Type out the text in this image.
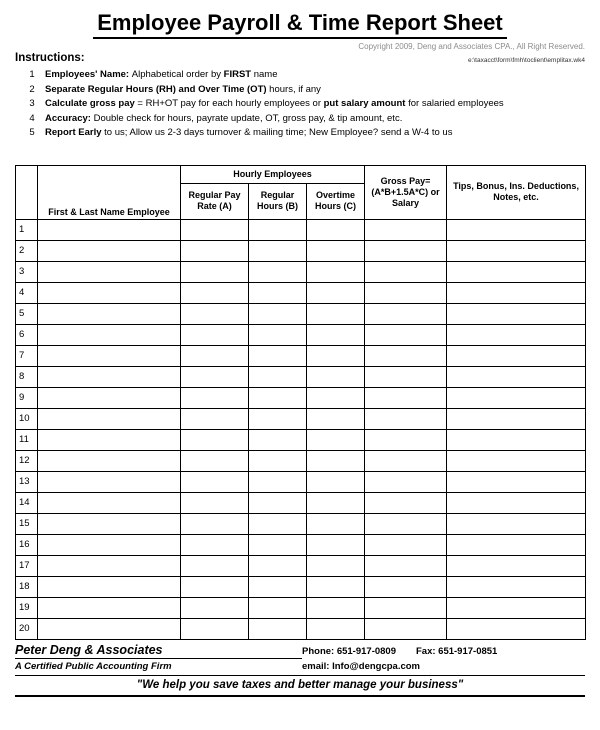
Employee Payroll & Time Report Sheet
Copyright 2009, Deng and Associates CPA., All Right Reserved.
Instructions:	e:\taxacct\form\fmh\toclient\emplitax.wk4
1	Employees' Name: Alphabetical order by FIRST name
2	Separate Regular Hours (RH) and Over Time (OT) hours, if any
3	Calculate gross pay = RH+OT pay for each hourly employees or put salary amount for salaried employees
4	Accuracy: Double check for hours, payrate update, OT, gross pay, & tip amount, etc.
5	Report Early to us; Allow us 2-3 days turnover & mailing time; New Employee? send a W-4 to us
	First & Last Name Employee	Hourly Employees			Gross Pay= (A*B+1.5A*C) or Salary	Tips, Bonus, Ins. Deductions, Notes, etc.
		Regular Pay Rate (A)	Regular Hours (B)	Overtime Hours (C)		
1						
2						
3						
4						
5						
6						
7						
8						
9						
10						
11						
12						
13						
14						
15						
16						
17						
18						
19						
20						
Peter Deng & Associates	Phone: 651-917-0809 Fax: 651-917-0851
A Certified Public Accounting Firm	email: Info@dengcpa.com
"We help you save taxes and better manage your business"
